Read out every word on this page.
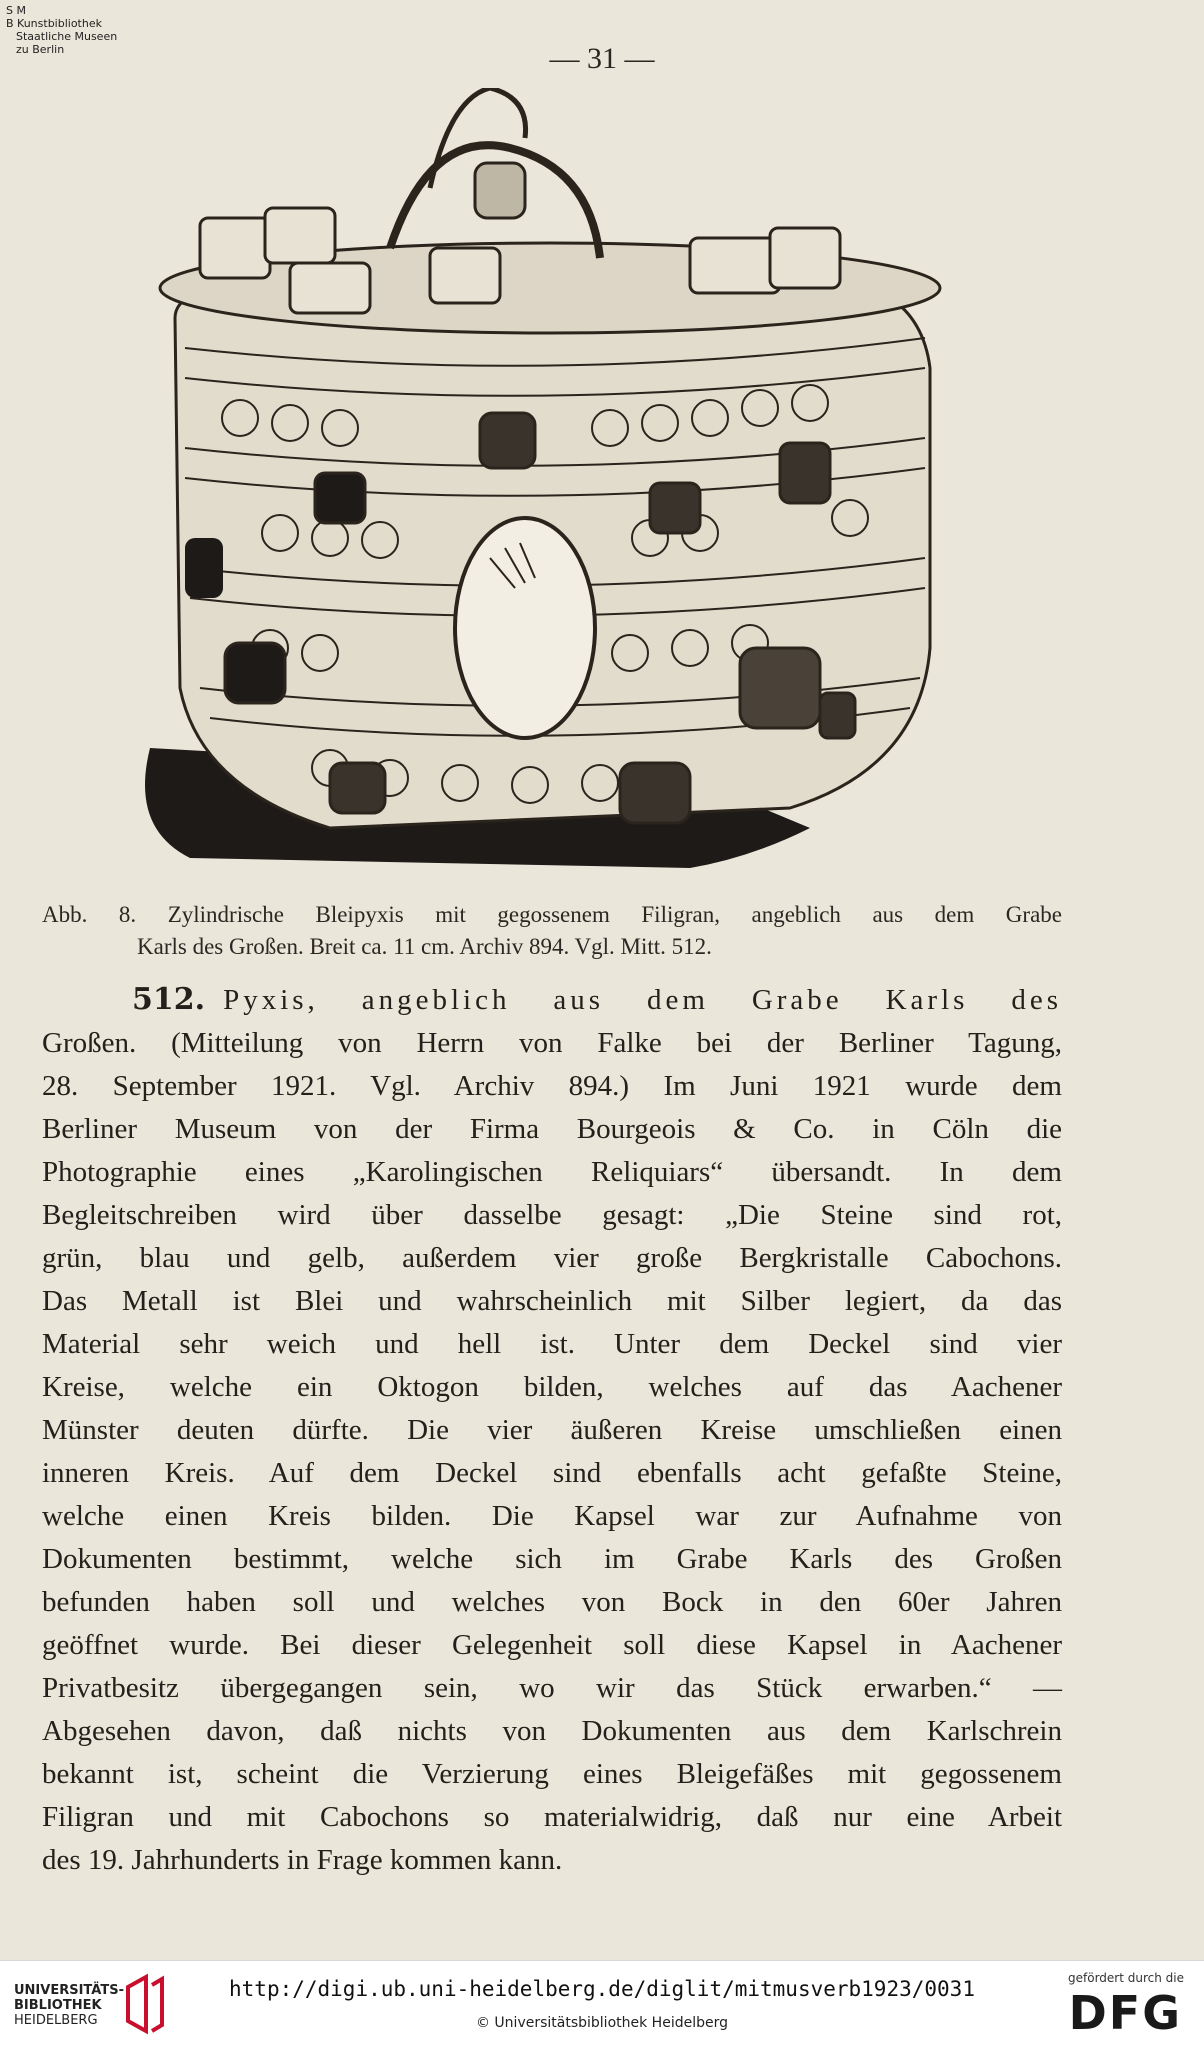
S M
B Kunstbibliothek
Staatliche Museen
zu Berlin	— 31 —
Abb. 8. Zylindrische Bleipyxis mit gegossenem Filigran, angeblich aus dem Grabe
Karls des Großen. Breit ca. 11 cm. Archiv 894. Vgl. Mitt. 512.
512. Pyxis, angeblich aus dem Grabe Karls des
Großen. (Mitteilung von Herrn von Falke bei der Berliner Tagung,
28. September 1921. Vgl. Archiv 894.) Im Juni 1921 wurde dem
Berliner Museum von der Firma Bourgeois & Co. in Cöln die
Photographie eines „Karolingischen Reliquiars“ übersandt. In dem
Begleitschreiben wird über dasselbe gesagt: „Die Steine sind rot,
grün, blau und gelb, außerdem vier große Bergkristalle Cabochons.
Das Metall ist Blei und wahrscheinlich mit Silber legiert, da das
Material sehr weich und hell ist. Unter dem Deckel sind vier
Kreise, welche ein Oktogon bilden, welches auf das Aachener
Münster deuten dürfte. Die vier äußeren Kreise umschließen einen
inneren Kreis. Auf dem Deckel sind ebenfalls acht gefaßte Steine,
welche einen Kreis bilden. Die Kapsel war zur Aufnahme von
Dokumenten bestimmt, welche sich im Grabe Karls des Großen
befunden haben soll und welches von Bock in den 60er Jahren
geöffnet wurde. Bei dieser Gelegenheit soll diese Kapsel in Aachener
Privatbesitz übergegangen sein, wo wir das Stück erwarben.“ —
Abgesehen davon, daß nichts von Dokumenten aus dem Karlschrein
bekannt ist, scheint die Verzierung eines Bleigefäßes mit gegossenem
Filigran und mit Cabochons so materialwidrig, daß nur eine Arbeit
des 19. Jahrhunderts in Frage kommen kann.
UNIVERSITÄTS-
BIBLIOTHEK
HEIDELBERG
http://digi.ub.uni-heidelberg.de/diglit/mitmusverb1923/0031
© Universitätsbibliothek Heidelberg
gefördert durch die
DFG
